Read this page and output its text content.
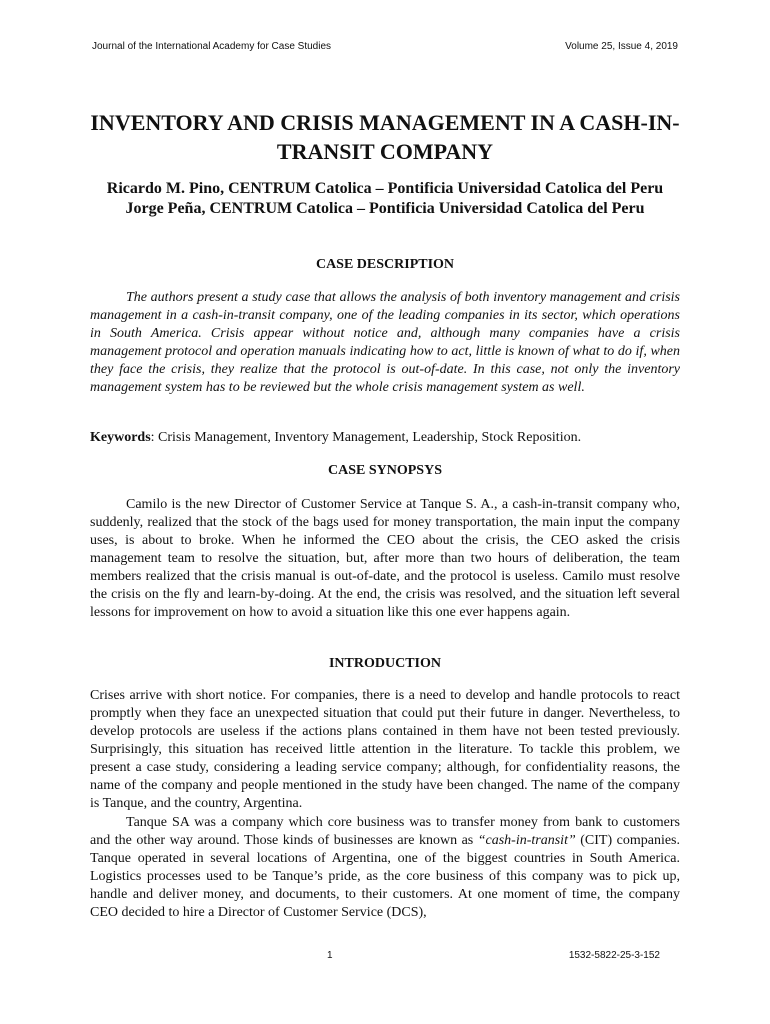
Journal of the International Academy for Case Studies	Volume 25, Issue 4, 2019
INVENTORY AND CRISIS MANAGEMENT IN A CASH-IN-TRANSIT COMPANY
Ricardo M. Pino, CENTRUM Catolica – Pontificia Universidad Catolica del Peru
Jorge Peña, CENTRUM Catolica – Pontificia Universidad Catolica del Peru
CASE DESCRIPTION

The authors present a study case that allows the analysis of both inventory management and crisis management in a cash-in-transit company, one of the leading companies in its sector, which operations in South America. Crisis appear without notice and, although many companies have a crisis management protocol and operation manuals indicating how to act, little is known of what to do if, when they face the crisis, they realize that the protocol is out-of-date. In this case, not only the inventory management system has to be reviewed but the whole crisis management system as well.

Keywords: Crisis Management, Inventory Management, Leadership, Stock Reposition.

CASE SYNOPSYS

Camilo is the new Director of Customer Service at Tanque S. A., a cash-in-transit company who, suddenly, realized that the stock of the bags used for money transportation, the main input the company uses, is about to broke. When he informed the CEO about the crisis, the CEO asked the crisis management team to resolve the situation, but, after more than two hours of deliberation, the team members realized that the crisis manual is out-of-date, and the protocol is useless. Camilo must resolve the crisis on the fly and learn-by-doing. At the end, the crisis was resolved, and the situation left several lessons for improvement on how to avoid a situation like this one ever happens again.

INTRODUCTION

Crises arrive with short notice. For companies, there is a need to develop and handle protocols to react promptly when they face an unexpected situation that could put their future in danger. Nevertheless, to develop protocols are useless if the actions plans contained in them have not been tested previously. Surprisingly, this situation has received little attention in the literature. To tackle this problem, we present a case study, considering a leading service company; although, for confidentiality reasons, the name of the company and people mentioned in the study have been changed. The name of the company is Tanque, and the country, Argentina.

Tanque SA was a company which core business was to transfer money from bank to customers and the other way around. Those kinds of businesses are known as “cash-in-transit” (CIT) companies. Tanque operated in several locations of Argentina, one of the biggest countries in South America. Logistics processes used to be Tanque’s pride, as the core business of this company was to pick up, handle and deliver money, and documents, to their customers. At one moment of time, the company CEO decided to hire a Director of Customer Service (DCS),

1	1532-5822-25-3-152
